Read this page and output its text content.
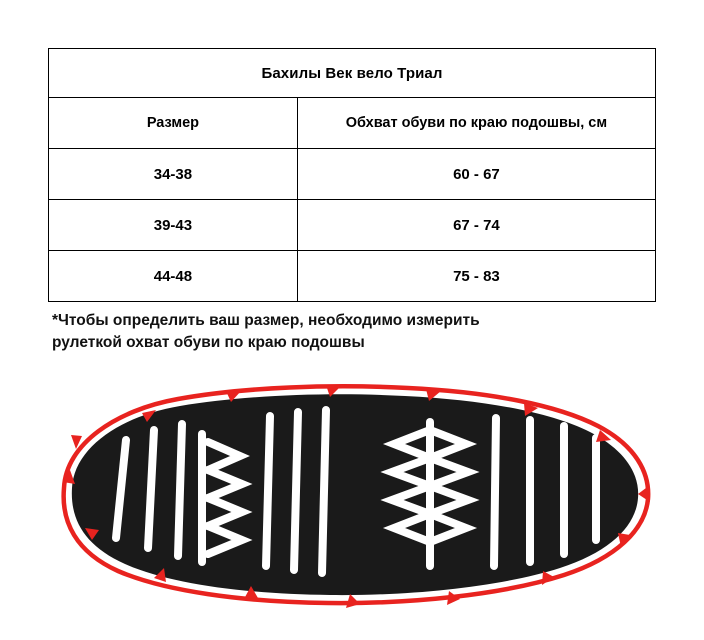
Бахилы Век вело Триал	
Размер	Обхват обуви по краю подошвы, см
34-38	60 - 67
39-43	67 - 74
44-48	75 - 83
*Чтобы определить ваш размер, необходимо измерить
рулеткой охват обуви по краю подошвы
